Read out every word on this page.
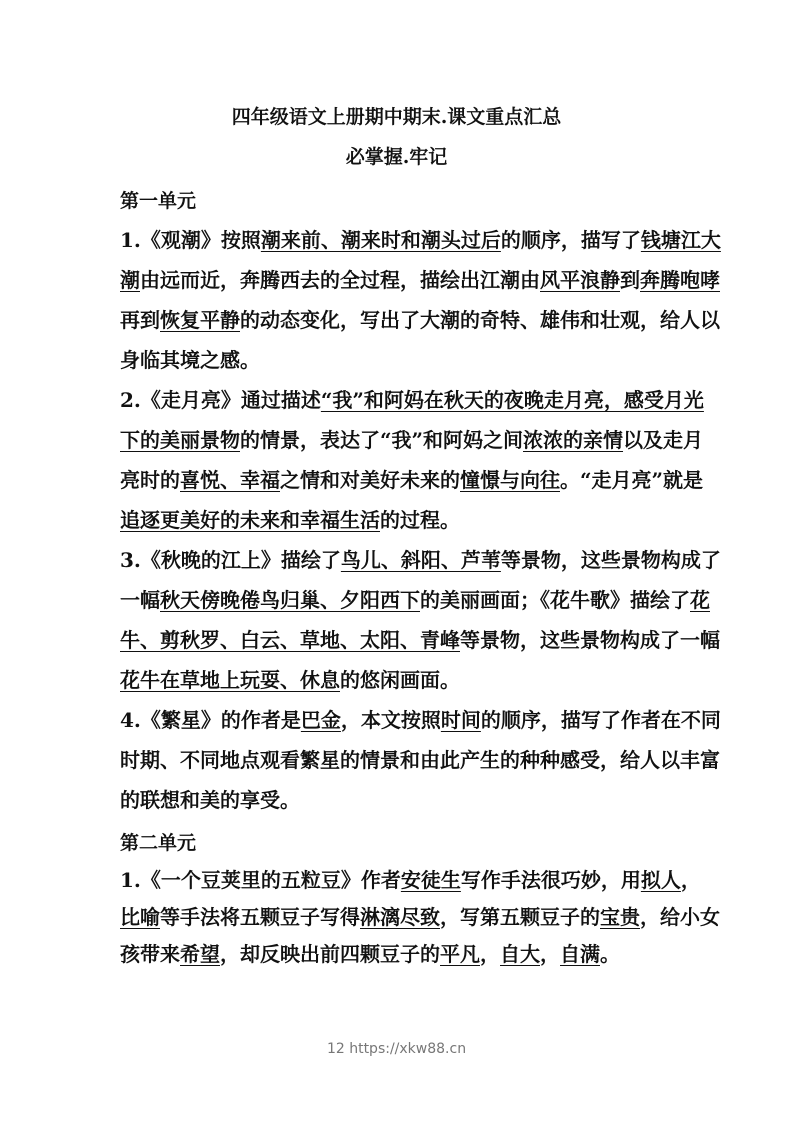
四年级语文上册期中期末.课文重点汇总
必掌握.牢记
第一单元
1.《观潮》按照潮来前、潮来时和潮头过后的顺序，描写了钱塘江大
潮由远而近，奔腾西去的全过程，描绘出江潮由风平浪静到奔腾咆哮
再到恢复平静的动态变化，写出了大潮的奇特、雄伟和壮观，给人以
身临其境之感。
2.《走月亮》通过描述“我”和阿妈在秋天的夜晚走月亮，感受月光
下的美丽景物的情景，表达了“我”和阿妈之间浓浓的亲情以及走月
亮时的喜悦、幸福之情和对美好未来的憧憬与向往。“走月亮”就是
追逐更美好的未来和幸福生活的过程。
3.《秋晚的江上》描绘了鸟儿、斜阳、芦苇等景物，这些景物构成了
一幅秋天傍晚倦鸟归巢、夕阳西下的美丽画面；《花牛歌》描绘了花
牛、剪秋罗、白云、草地、太阳、青峰等景物，这些景物构成了一幅
花牛在草地上玩耍、休息的悠闲画面。
4.《繁星》的作者是巴金，本文按照时间的顺序，描写了作者在不同
时期、不同地点观看繁星的情景和由此产生的种种感受，给人以丰富
的联想和美的享受。
第二单元
1.《一个豆荚里的五粒豆》作者安徒生写作手法很巧妙，用拟人，
比喻等手法将五颗豆子写得淋漓尽致，写第五颗豆子的宝贵，给小女
孩带来希望，却反映出前四颗豆子的平凡，自大，自满。
12 https://xkw88.cn
